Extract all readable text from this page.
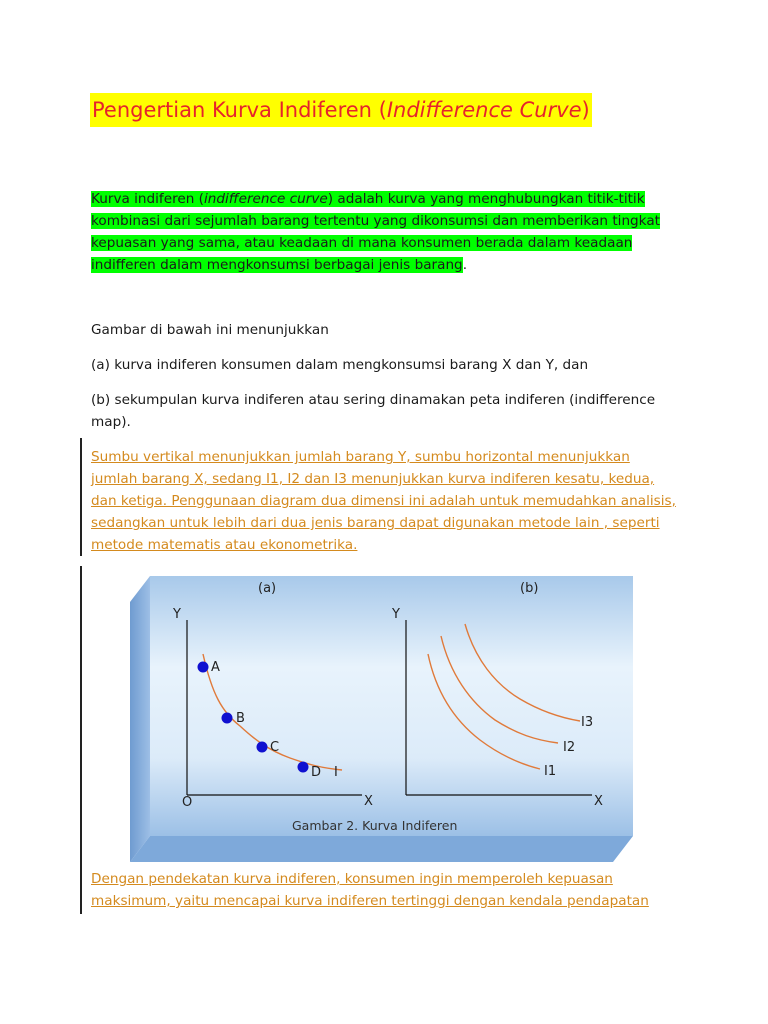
Pengertian Kurva Indiferen (Indifference Curve)
Kurva indiferen (indifference curve) adalah kurva yang menghubungkan titik-titik kombinasi dari sejumlah barang tertentu yang dikonsumsi dan memberikan tingkat kepuasan yang sama, atau keadaan di mana konsumen berada dalam keadaan indifferen dalam mengkonsumsi berbagai jenis barang.
Gambar di bawah ini menunjukkan
(a) kurva indiferen konsumen dalam mengkonsumsi barang X dan Y, dan
(b) sekumpulan kurva indiferen atau sering dinamakan peta indiferen (indifference map).
Sumbu vertikal menunjukkan jumlah barang Y, sumbu horizontal menunjukkan jumlah barang X, sedang I1, I2 dan I3 menunjukkan kurva indiferen kesatu, kedua, dan ketiga. Penggunaan diagram dua dimensi ini adalah untuk memudahkan analisis, sedangkan untuk lebih dari dua jenis barang dapat digunakan metode lain , seperti metode matematis atau ekonometrika.
(a)
Y
X
O
A
B
C
D I
(b)
Y
X
I3
I2
I1
Gambar 2. Kurva Indiferen
Dengan pendekatan kurva indiferen, konsumen ingin memperoleh kepuasan maksimum, yaitu mencapai kurva indiferen tertinggi dengan kendala pendapatan
